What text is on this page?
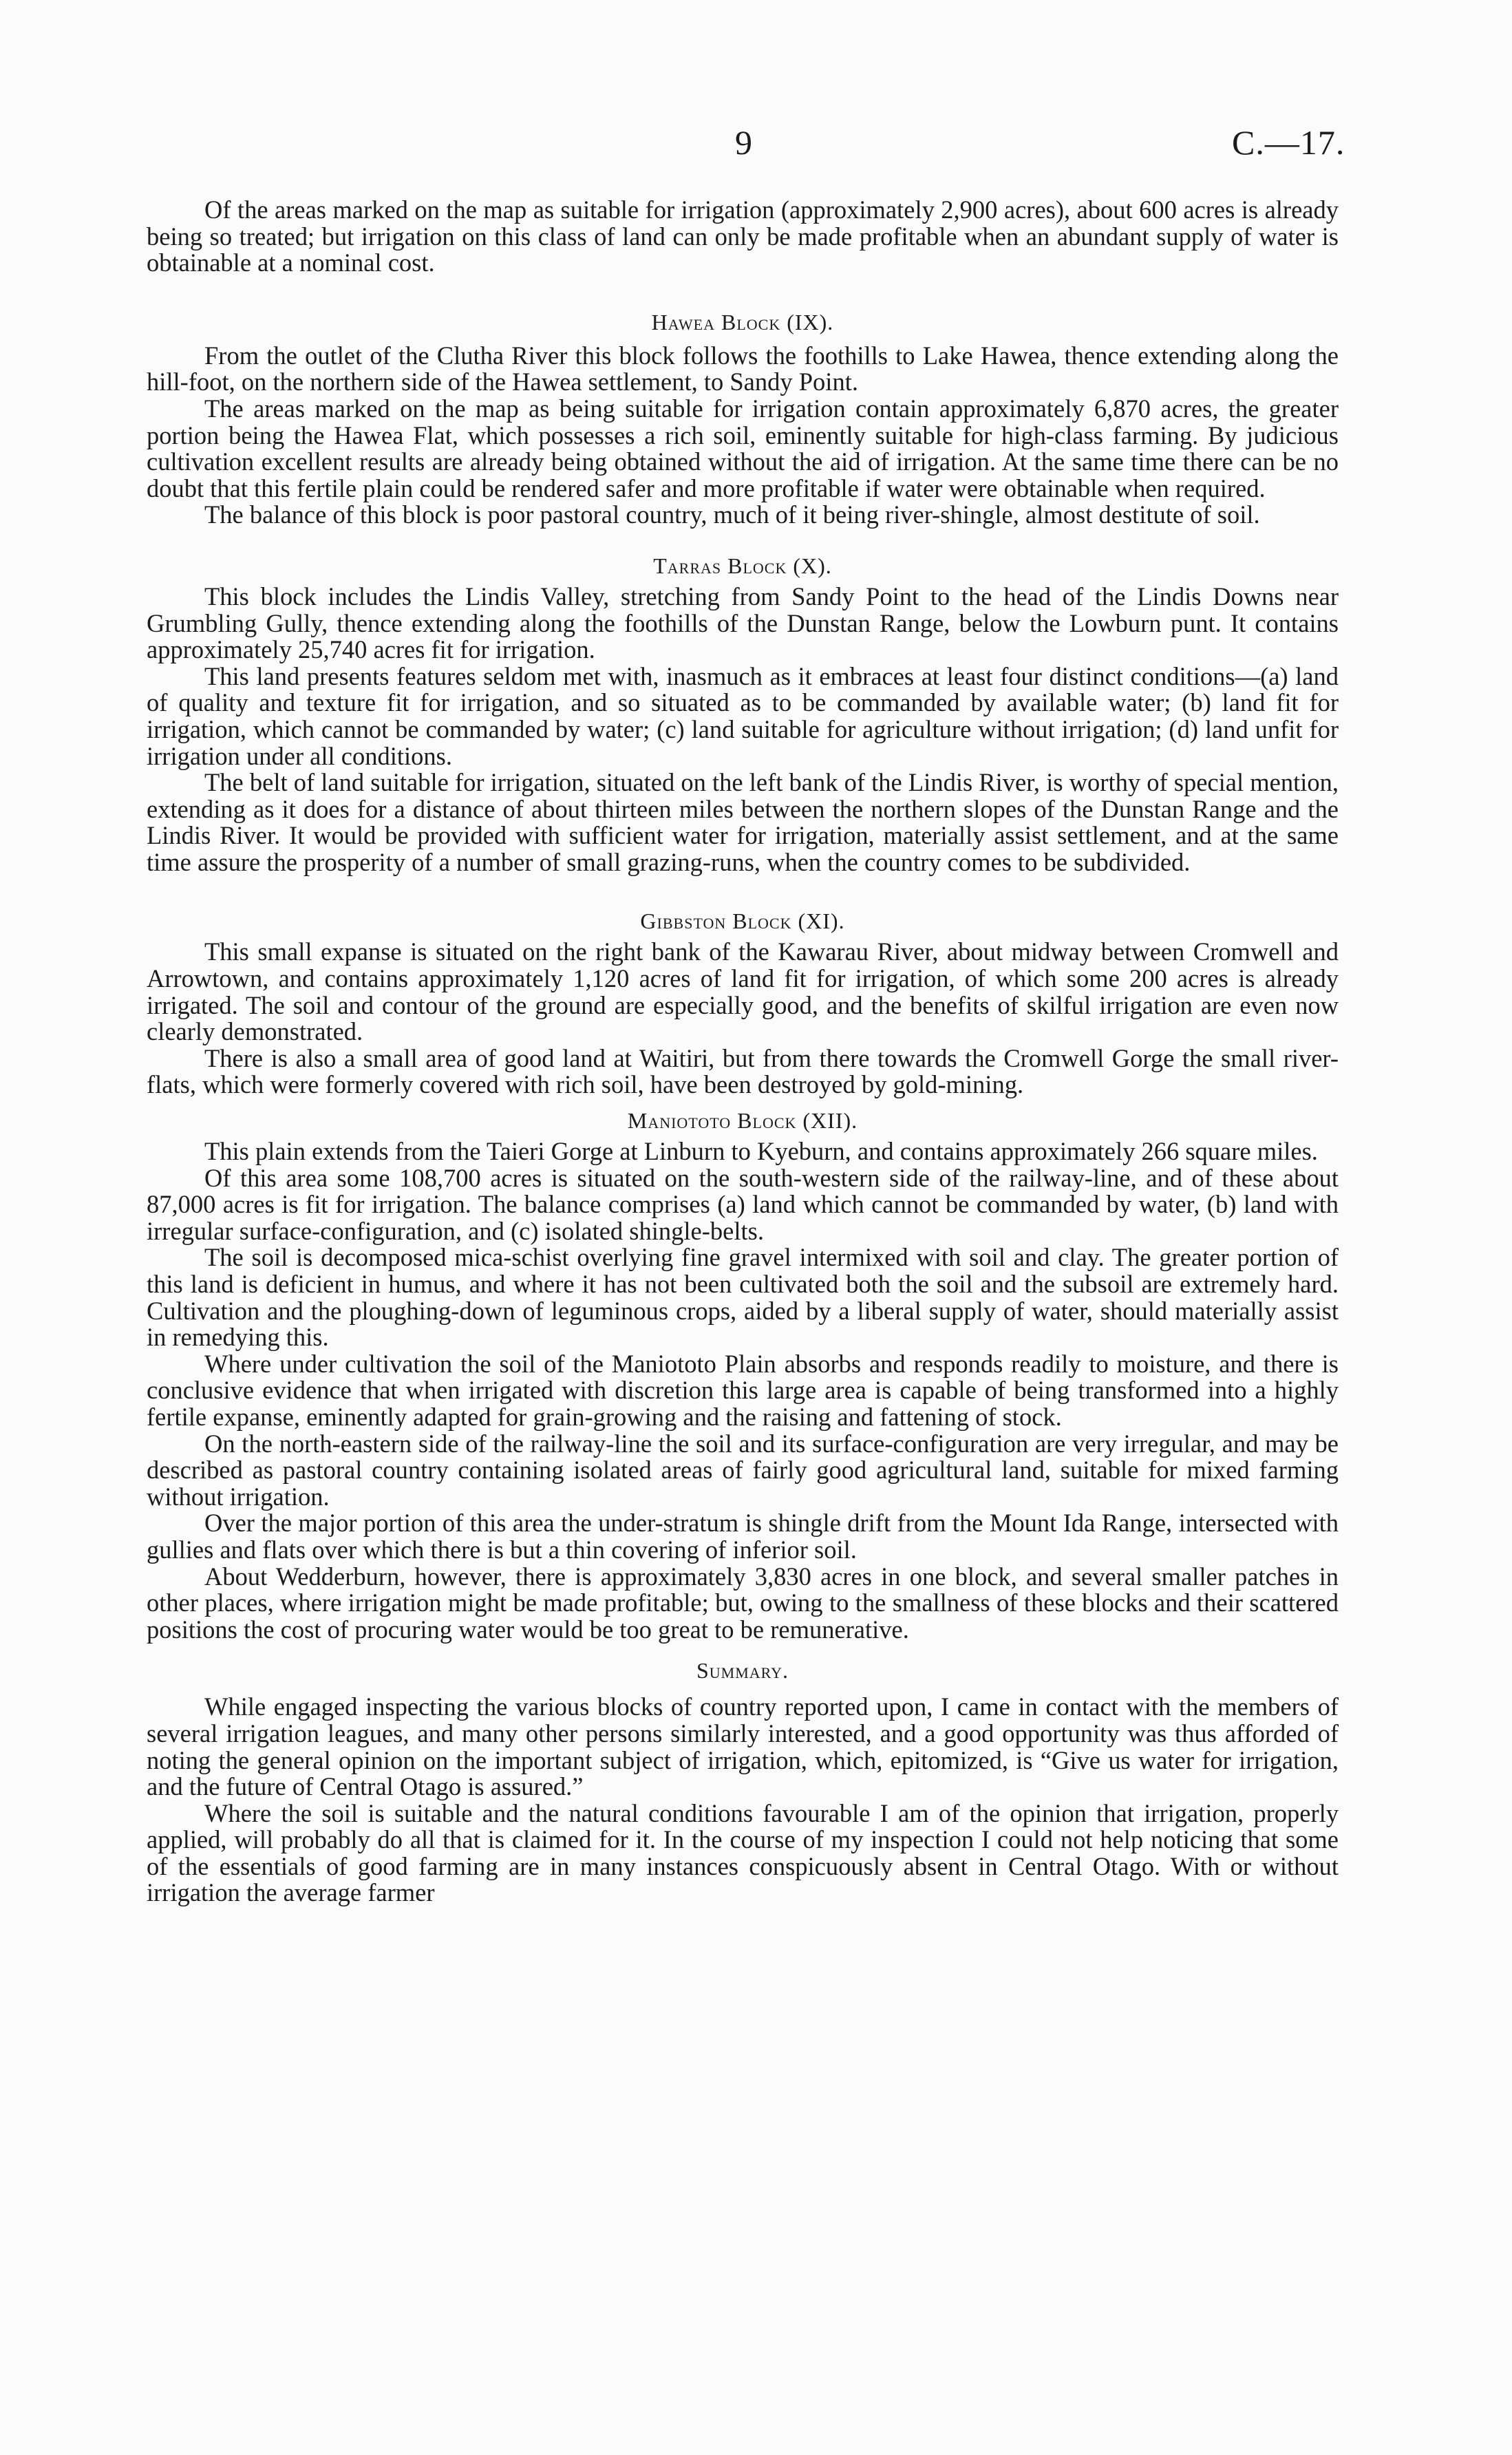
9	C.—17.

Of the areas marked on the map as suitable for irrigation (approximately 2,900 acres), about 600 acres is already being so treated; but irrigation on this class of land can only be made profitable when an abundant supply of water is obtainable at a nominal cost.

Hawea Block (IX).

From the outlet of the Clutha River this block follows the foothills to Lake Hawea, thence extending along the hill-foot, on the northern side of the Hawea settlement, to Sandy Point.

The areas marked on the map as being suitable for irrigation contain approximately 6,870 acres, the greater portion being the Hawea Flat, which possesses a rich soil, eminently suitable for high-class farming. By judicious cultivation excellent results are already being obtained without the aid of irrigation. At the same time there can be no doubt that this fertile plain could be rendered safer and more profitable if water were obtainable when required.

The balance of this block is poor pastoral country, much of it being river-shingle, almost destitute of soil.

Tarras Block (X).

This block includes the Lindis Valley, stretching from Sandy Point to the head of the Lindis Downs near Grumbling Gully, thence extending along the foothills of the Dunstan Range, below the Lowburn punt. It contains approximately 25,740 acres fit for irrigation.

This land presents features seldom met with, inasmuch as it embraces at least four distinct conditions—(a) land of quality and texture fit for irrigation, and so situated as to be commanded by available water; (b) land fit for irrigation, which cannot be commanded by water; (c) land suitable for agriculture without irrigation; (d) land unfit for irrigation under all conditions.

The belt of land suitable for irrigation, situated on the left bank of the Lindis River, is worthy of special mention, extending as it does for a distance of about thirteen miles between the northern slopes of the Dunstan Range and the Lindis River. It would be provided with sufficient water for irrigation, materially assist settlement, and at the same time assure the prosperity of a number of small grazing-runs, when the country comes to be subdivided.

Gibbston Block (XI).

This small expanse is situated on the right bank of the Kawarau River, about midway between Cromwell and Arrowtown, and contains approximately 1,120 acres of land fit for irrigation, of which some 200 acres is already irrigated. The soil and contour of the ground are especially good, and the benefits of skilful irrigation are even now clearly demonstrated.

There is also a small area of good land at Waitiri, but from there towards the Cromwell Gorge the small river-flats, which were formerly covered with rich soil, have been destroyed by gold-mining.

Maniototo Block (XII).

This plain extends from the Taieri Gorge at Linburn to Kyeburn, and contains approximately 266 square miles.

Of this area some 108,700 acres is situated on the south-western side of the railway-line, and of these about 87,000 acres is fit for irrigation. The balance comprises (a) land which cannot be commanded by water, (b) land with irregular surface-configuration, and (c) isolated shingle-belts.

The soil is decomposed mica-schist overlying fine gravel intermixed with soil and clay. The greater portion of this land is deficient in humus, and where it has not been cultivated both the soil and the subsoil are extremely hard. Cultivation and the ploughing-down of leguminous crops, aided by a liberal supply of water, should materially assist in remedying this.

Where under cultivation the soil of the Maniototo Plain absorbs and responds readily to moisture, and there is conclusive evidence that when irrigated with discretion this large area is capable of being transformed into a highly fertile expanse, eminently adapted for grain-growing and the raising and fattening of stock.

On the north-eastern side of the railway-line the soil and its surface-configuration are very irregular, and may be described as pastoral country containing isolated areas of fairly good agricultural land, suitable for mixed farming without irrigation.

Over the major portion of this area the under-stratum is shingle drift from the Mount Ida Range, intersected with gullies and flats over which there is but a thin covering of inferior soil.

About Wedderburn, however, there is approximately 3,830 acres in one block, and several smaller patches in other places, where irrigation might be made profitable; but, owing to the smallness of these blocks and their scattered positions the cost of procuring water would be too great to be remunerative.

Summary.

While engaged inspecting the various blocks of country reported upon, I came in contact with the members of several irrigation leagues, and many other persons similarly interested, and a good opportunity was thus afforded of noting the general opinion on the important subject of irrigation, which, epitomized, is “Give us water for irrigation, and the future of Central Otago is assured.”

Where the soil is suitable and the natural conditions favourable I am of the opinion that irrigation, properly applied, will probably do all that is claimed for it. In the course of my inspection I could not help noticing that some of the essentials of good farming are in many instances conspicuously absent in Central Otago. With or without irrigation the average farmer
